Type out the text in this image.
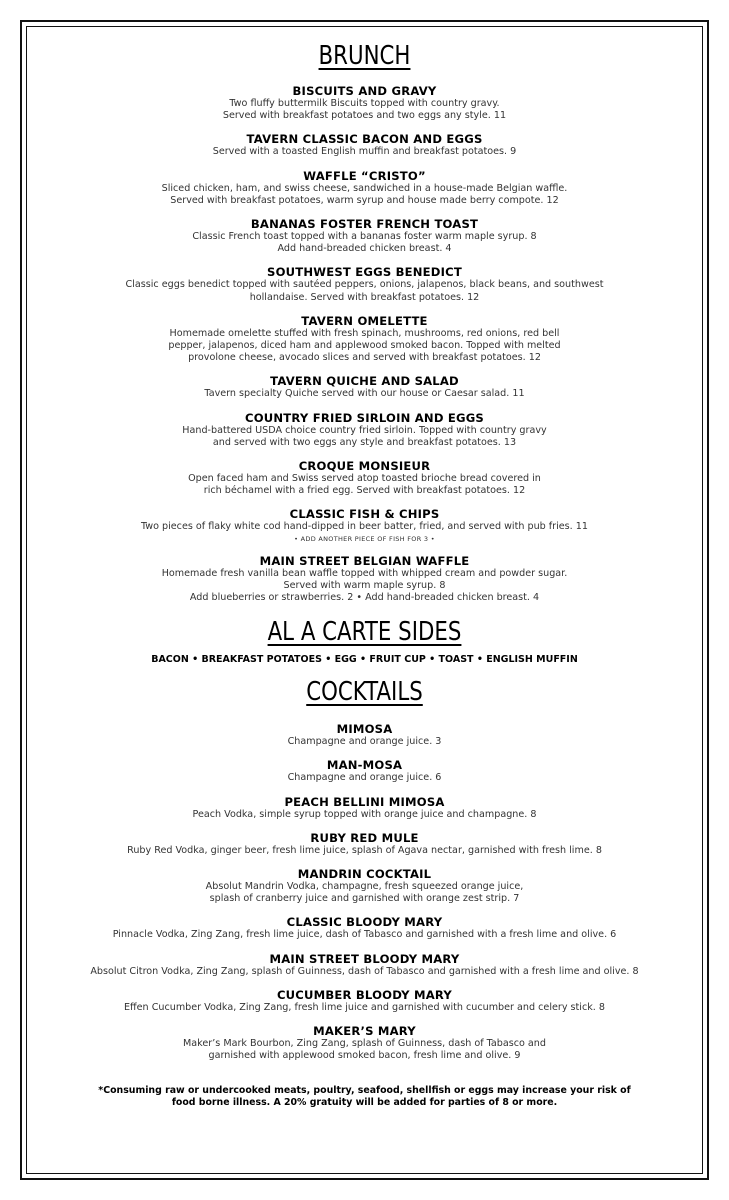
BRUNCH
BISCUITS AND GRAVY
Two fluffy buttermilk Biscuits topped with country gravy.
Served with breakfast potatoes and two eggs any style. 11
TAVERN CLASSIC BACON AND EGGS
Served with a toasted English muffin and breakfast potatoes. 9
WAFFLE “CRISTO”
Sliced chicken, ham, and swiss cheese, sandwiched in a house-made Belgian waffle.
Served with breakfast potatoes, warm syrup and house made berry compote. 12
BANANAS FOSTER FRENCH TOAST
Classic French toast topped with a bananas foster warm maple syrup. 8
Add hand-breaded chicken breast. 4
SOUTHWEST EGGS BENEDICT
Classic eggs benedict topped with sautéed peppers, onions, jalapenos, black beans, and southwest
hollandaise. Served with breakfast potatoes. 12
TAVERN OMELETTE
Homemade omelette stuffed with fresh spinach, mushrooms, red onions, red bell
pepper, jalapenos, diced ham and applewood smoked bacon. Topped with melted
provolone cheese, avocado slices and served with breakfast potatoes. 12
TAVERN QUICHE AND SALAD
Tavern specialty Quiche served with our house or Caesar salad. 11
COUNTRY FRIED SIRLOIN AND EGGS
Hand-battered USDA choice country fried sirloin. Topped with country gravy
and served with two eggs any style and breakfast potatoes. 13
CROQUE MONSIEUR
Open faced ham and Swiss served atop toasted brioche bread covered in
rich béchamel with a fried egg. Served with breakfast potatoes. 12
CLASSIC FISH & CHIPS
Two pieces of flaky white cod hand-dipped in beer batter, fried, and served with pub fries. 11
• ADD ANOTHER PIECE OF FISH FOR 3 •
MAIN STREET BELGIAN WAFFLE
Homemade fresh vanilla bean waffle topped with whipped cream and powder sugar.
Served with warm maple syrup. 8
Add blueberries or strawberries. 2 • Add hand-breaded chicken breast. 4
AL A CARTE SIDES
BACON • BREAKFAST POTATOES • EGG • FRUIT CUP • TOAST • ENGLISH MUFFIN
COCKTAILS
MIMOSA
Champagne and orange juice. 3
MAN-MOSA
Champagne and orange juice. 6
PEACH BELLINI MIMOSA
Peach Vodka, simple syrup topped with orange juice and champagne. 8
RUBY RED MULE
Ruby Red Vodka, ginger beer, fresh lime juice, splash of Agava nectar, garnished with fresh lime. 8
MANDRIN COCKTAIL
Absolut Mandrin Vodka, champagne, fresh squeezed orange juice,
splash of cranberry juice and garnished with orange zest strip. 7
CLASSIC BLOODY MARY
Pinnacle Vodka, Zing Zang, fresh lime juice, dash of Tabasco and garnished with a fresh lime and olive. 6
MAIN STREET BLOODY MARY
Absolut Citron Vodka, Zing Zang, splash of Guinness, dash of Tabasco and garnished with a fresh lime and olive. 8
CUCUMBER BLOODY MARY
Effen Cucumber Vodka, Zing Zang, fresh lime juice and garnished with cucumber and celery stick. 8
MAKER’S MARY
Maker’s Mark Bourbon, Zing Zang, splash of Guinness, dash of Tabasco and
garnished with applewood smoked bacon, fresh lime and olive. 9
*Consuming raw or undercooked meats, poultry, seafood, shellfish or eggs may increase your risk of
food borne illness. A 20% gratuity will be added for parties of 8 or more.
